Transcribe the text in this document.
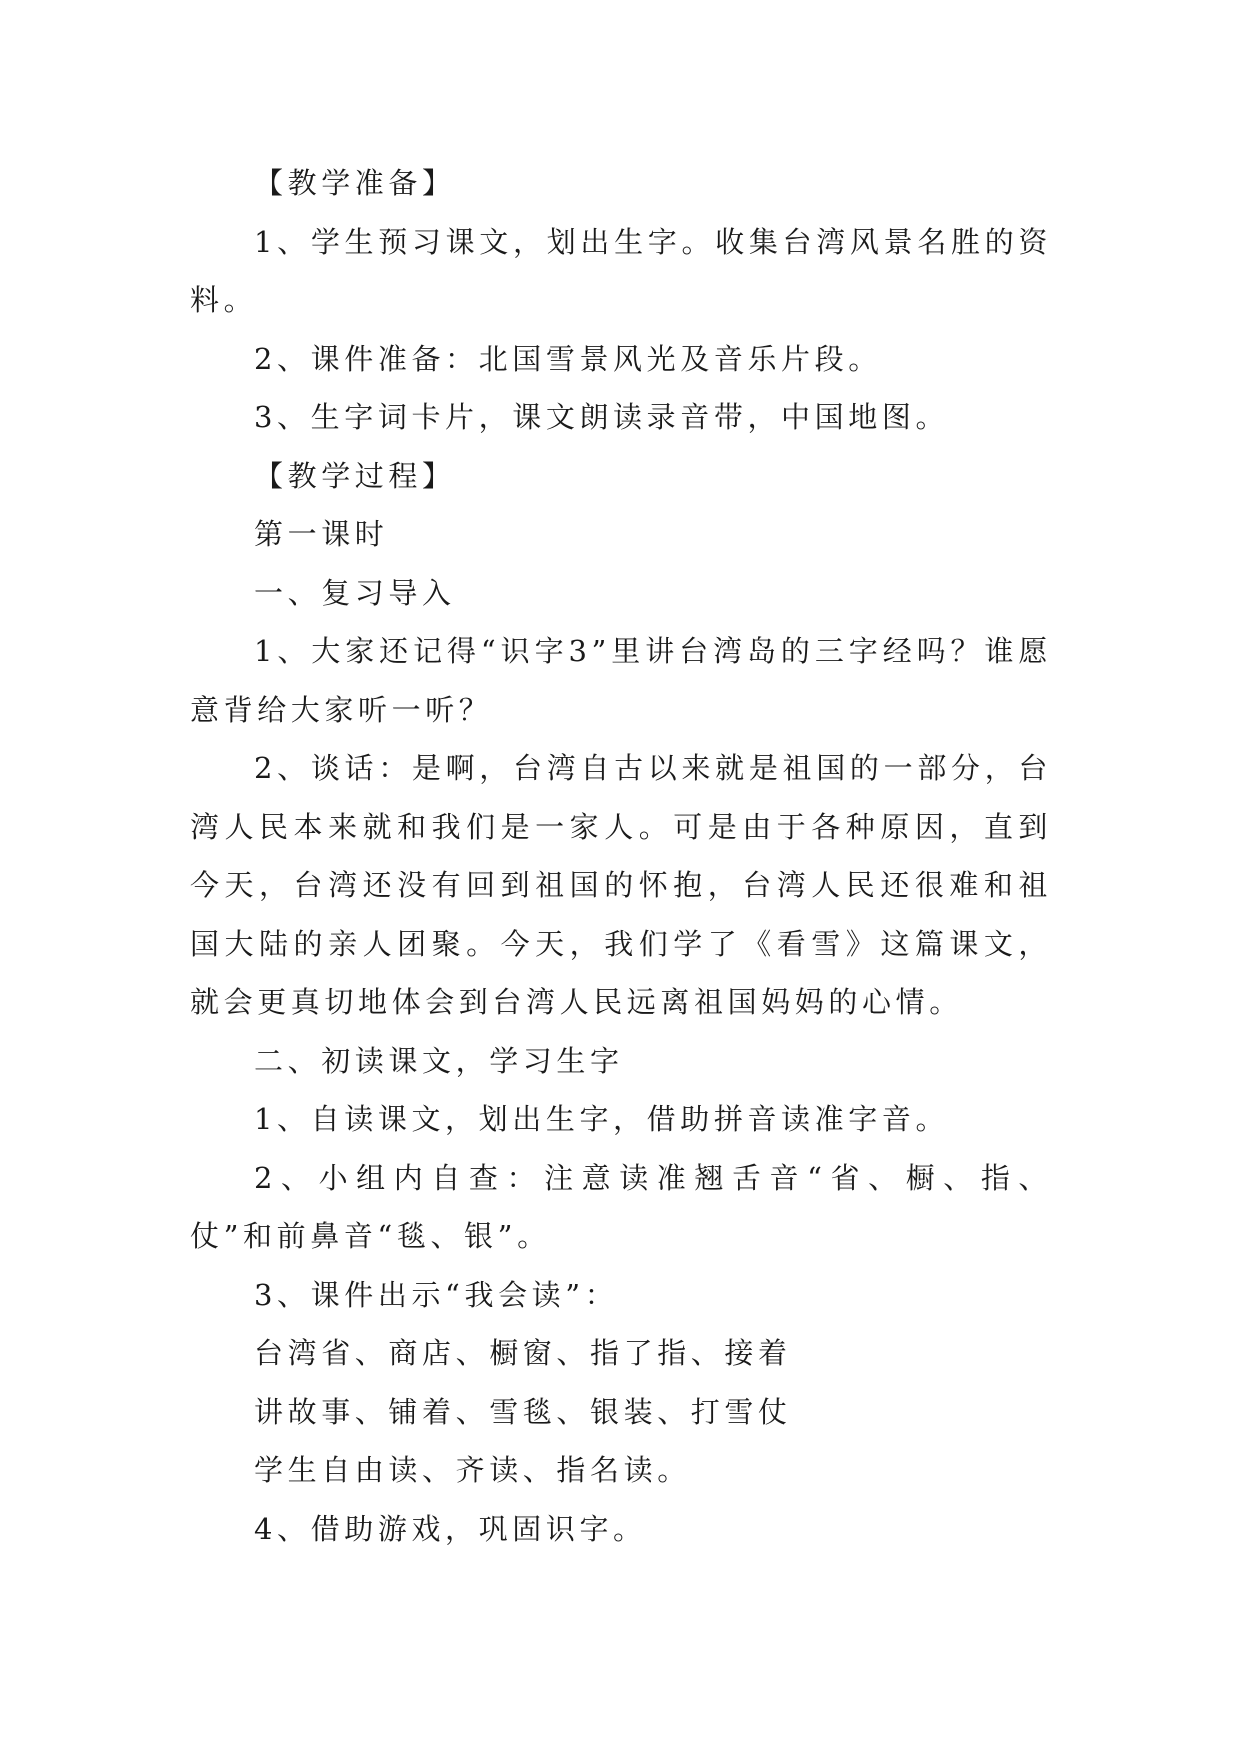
【教学准备】

1、学生预习课文，划出生字。收集台湾风景名胜的资料。

2、课件准备：北国雪景风光及音乐片段。

3、生字词卡片，课文朗读录音带，中国地图。

【教学过程】

第一课时

一、复习导入

1、大家还记得“识字3”里讲台湾岛的三字经吗？谁愿意背给大家听一听？

2、谈话：是啊，台湾自古以来就是祖国的一部分，台湾人民本来就和我们是一家人。可是由于各种原因，直到今天，台湾还没有回到祖国的怀抱，台湾人民还很难和祖国大陆的亲人团聚。今天，我们学了《看雪》这篇课文，就会更真切地体会到台湾人民远离祖国妈妈的心情。

二、初读课文，学习生字

1、自读课文，划出生字，借助拼音读准字音。

2、小组内自查：注意读准翘舌音“省、橱、指、仗”和前鼻音“毯、银”。

3、课件出示“我会读”：

台湾省、商店、橱窗、指了指、接着

讲故事、铺着、雪毯、银装、打雪仗

学生自由读、齐读、指名读。

4、借助游戏，巩固识字。
